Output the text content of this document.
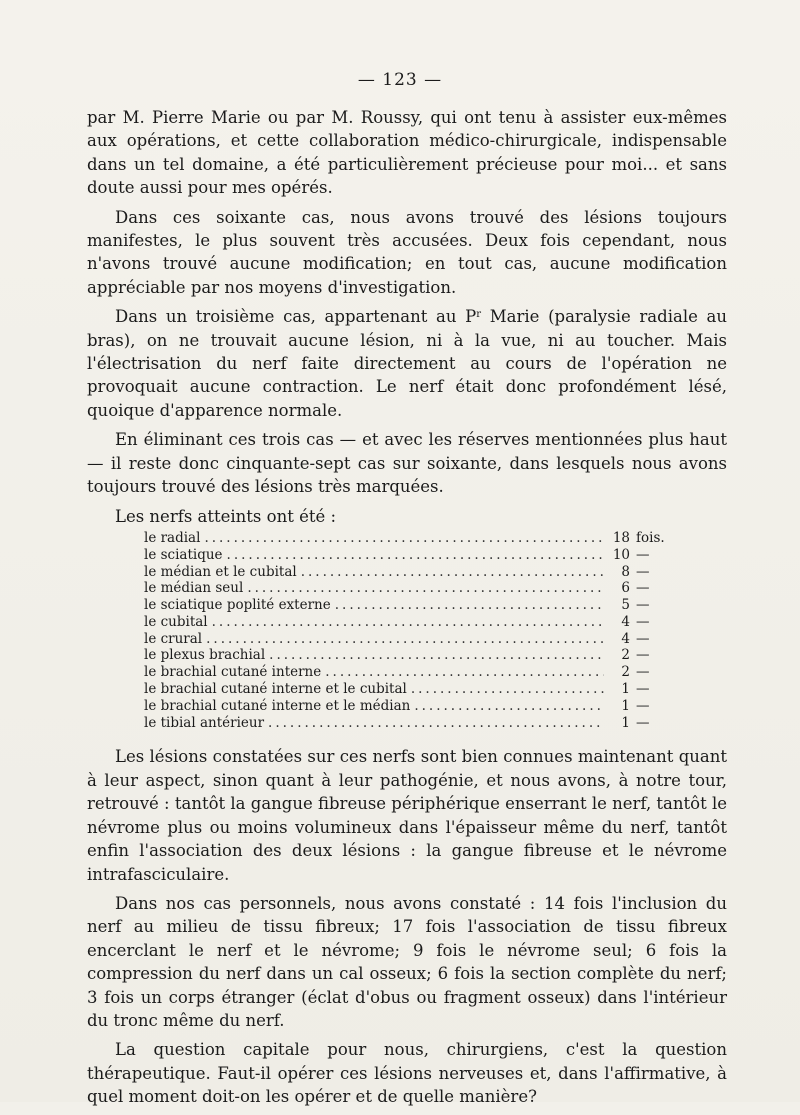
— 123 —

par M. Pierre Marie ou par M. Roussy, qui ont tenu à assister eux-mêmes aux opérations, et cette collaboration médico-chirurgicale, indispensable dans un tel domaine, a été particulièrement précieuse pour moi... et sans doute aussi pour mes opérés.

Dans ces soixante cas, nous avons trouvé des lésions toujours manifestes, le plus souvent très accusées. Deux fois cependant, nous n'avons trouvé aucune modification; en tout cas, aucune modification appréciable par nos moyens d'investigation.

Dans un troisième cas, appartenant au $P^r$ Marie (paralysie radiale au bras), on ne trouvait aucune lésion, ni à la vue, ni au toucher. Mais l'électrisation du nerf faite directement au cours de l'opération ne provoquait aucune contraction. Le nerf était donc profondément lésé, quoique d'apparence normale.

En éliminant ces trois cas — et avec les réserves mentionnées plus haut — il reste donc cinquante-sept cas sur soixante, dans lesquels nous avons toujours trouvé des lésions très marquées.

Les nerfs atteints ont été :

le radial .....	18 fois.
le sciatique .....	10 —
le médian et le cubital .....	8 —
le médian seul .....	6 —
le sciatique poplité externe .....	5 —
le cubital .....	4 —
le crural .....	4 —
le plexus brachial .....	2 —
le brachial cutané interne .....	2 —
le brachial cutané interne et le cubital .....	1 —
le brachial cutané interne et le médian .....	1 —
le tibial antérieur .....	1 —

Les lésions constatées sur ces nerfs sont bien connues maintenant quant à leur aspect, sinon quant à leur pathogénie, et nous avons, à notre tour, retrouvé : tantôt la gangue fibreuse périphérique enserrant le nerf, tantôt le névrome plus ou moins volumineux dans l'épaisseur même du nerf, tantôt enfin l'association des deux lésions : la gangue fibreuse et le névrome intrafasciculaire.

Dans nos cas personnels, nous avons constaté : 14 fois l'inclusion du nerf au milieu de tissu fibreux; 17 fois l'association de tissu fibreux encerclant le nerf et le névrome; 9 fois le névrome seul; 6 fois la compression du nerf dans un cal osseux; 6 fois la section complète du nerf; 3 fois un corps étranger (éclat d'obus ou fragment osseux) dans l'intérieur du tronc même du nerf.

La question capitale pour nous, chirurgiens, c'est la question thérapeutique. Faut-il opérer ces lésions nerveuses et, dans l'affirmative, à quel moment doit-on les opérer et de quelle manière?
